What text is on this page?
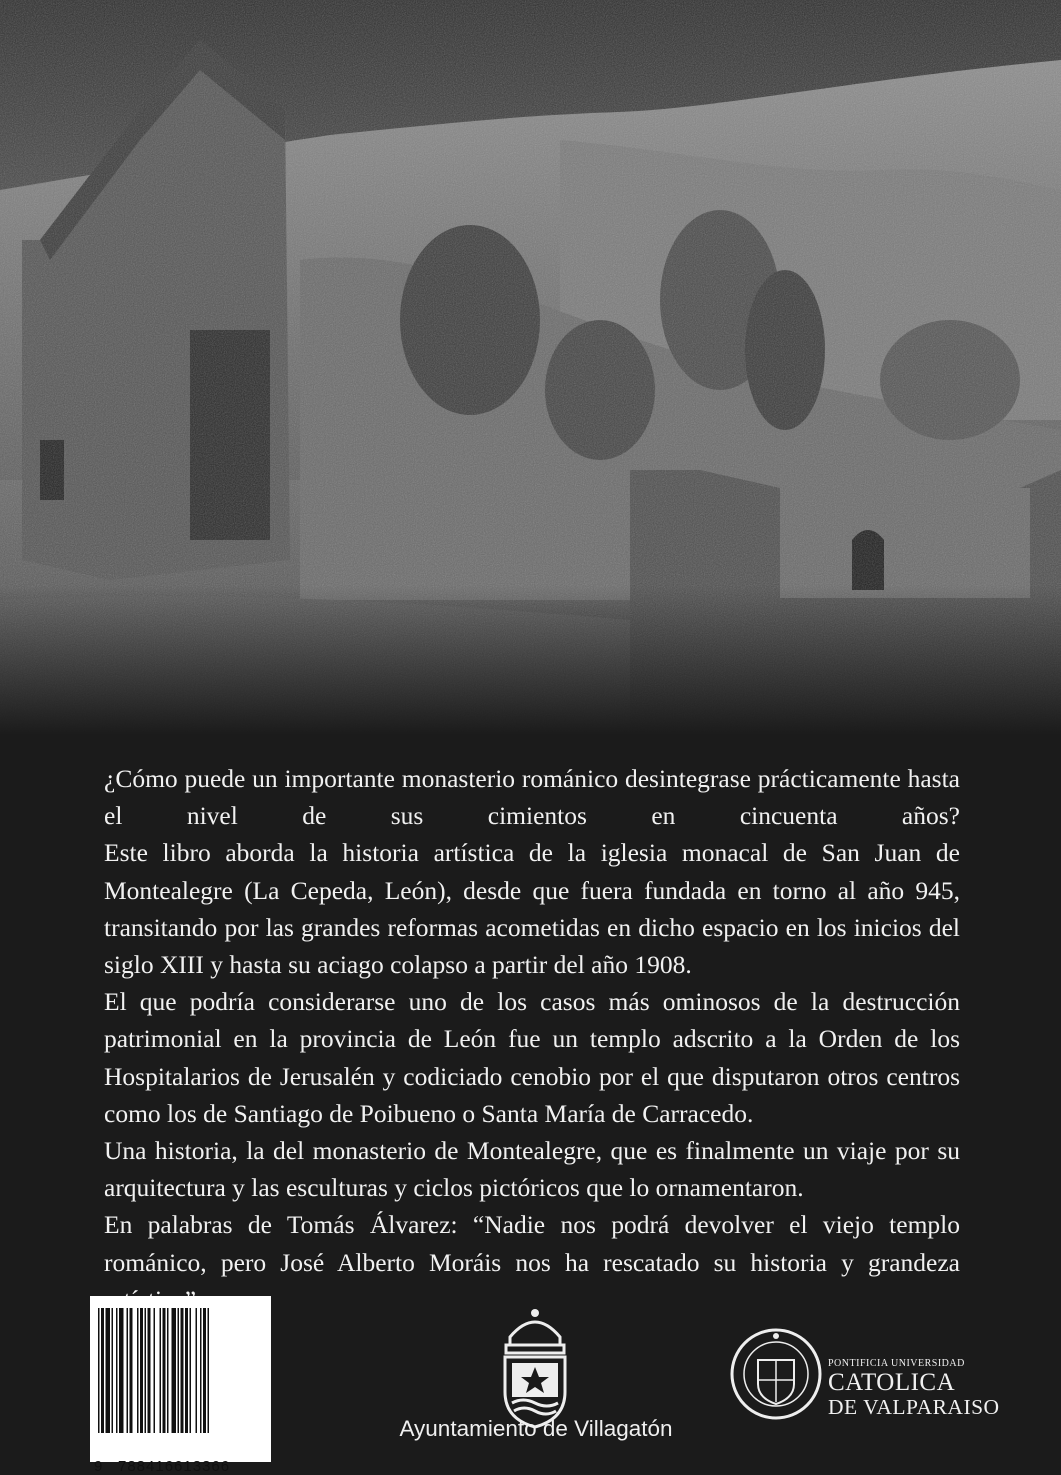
¿Cómo puede un importante monasterio románico desintegrase prácticamente hasta el nivel de sus cimientos en cincuenta años?

Este libro aborda la historia artística de la iglesia monacal de San Juan de Montealegre (La Cepeda, León), desde que fuera fundada en torno al año 945, transitando por las grandes reformas acometidas en dicho espacio en los inicios del siglo XIII y hasta su aciago colapso a partir del año 1908.

El que podría considerarse uno de los casos más ominosos de la destrucción patrimonial en la provincia de León fue un templo adscrito a la Orden de los Hospitalarios de Jerusalén y codiciado cenobio por el que disputaron otros centros como los de Santiago de Poibueno o Santa María de Carracedo.

Una historia, la del monasterio de Montealegre, que es finalmente un viaje por su arquitectura y las esculturas y ciclos pictóricos que lo ornamentaron.

En palabras de Tomás Álvarez: “Nadie nos podrá devolver el viejo templo románico, pero José Alberto Moráis nos ha rescatado su historia y grandeza

9 788416613366
Ayuntamiento de Villagatón
PONTIFICIA UNIVERSIDAD
CATOLICA
DE VALPARAISO
